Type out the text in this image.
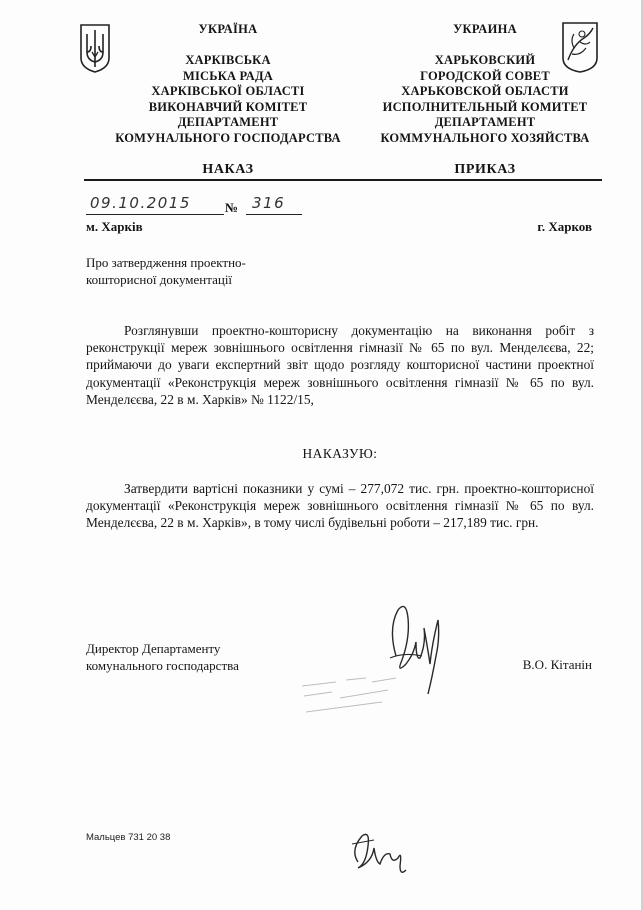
УКРАЇНА
ХАРКІВСЬКА
МІСЬКА РАДА
ХАРКІВСЬКОЇ ОБЛАСТІ
ВИКОНАВЧИЙ КОМІТЕТ
ДЕПАРТАМЕНТ
КОМУНАЛЬНОГО ГОСПОДАРСТВА
НАКАЗ
УКРАИНА
ХАРЬКОВСКИЙ
ГОРОДСКОЙ СОВЕТ
ХАРЬКОВСКОЙ ОБЛАСТИ
ИСПОЛНИТЕЛЬНЫЙ КОМИТЕТ
ДЕПАРТАМЕНТ
КОММУНАЛЬНОГО ХОЗЯЙСТВА
ПРИКАЗ
09.10.2015	№ 316
м. Харків	г. Харков
Про затвердження проектно-
кошторисної документації
Розглянувши проектно-кошторисну документацію на виконання робіт з реконструкції мереж зовнішнього освітлення гімназії № 65 по вул. Менделєєва, 22; приймаючи до уваги експертний звіт щодо розгляду кошторисної частини проектної документації «Реконструкція мереж зовнішнього освітлення гімназії № 65 по вул. Менделєєва, 22 в м. Харків» № 1122/15,
НАКАЗУЮ:
Затвердити вартісні показники у сумі – 277,072 тис. грн. проектно-кошторисної документації «Реконструкція мереж зовнішнього освітлення гімназії № 65 по вул. Менделєєва, 22 в м. Харків», в тому числі будівельні роботи – 217,189 тис. грн.
Директор Департаменту
комунального господарства	В.О. Кітанін
Мальцев 731 20 38
